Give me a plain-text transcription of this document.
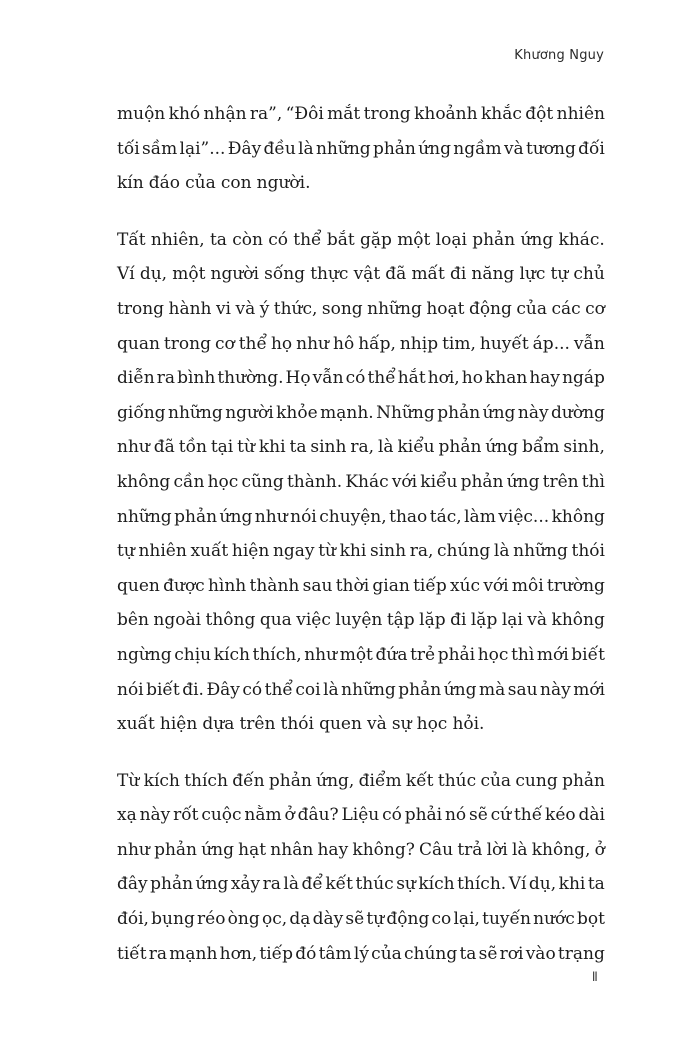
Khương Nguy
muộn khó nhận ra”, “Đôi mắt trong khoảnh khắc đột nhiên
tối sầm lại”... Đây đều là những phản ứng ngầm và tương đối
kín đáo của con người.
Tất nhiên, ta còn có thể bắt gặp một loại phản ứng khác.
Ví dụ, một người sống thực vật đã mất đi năng lực tự chủ
trong hành vi và ý thức, song những hoạt động của các cơ
quan trong cơ thể họ như hô hấp, nhịp tim, huyết áp... vẫn
diễn ra bình thường. Họ vẫn có thể hắt hơi, ho khan hay ngáp
giống những người khỏe mạnh. Những phản ứng này dường
như đã tồn tại từ khi ta sinh ra, là kiểu phản ứng bẩm sinh,
không cần học cũng thành. Khác với kiểu phản ứng trên thì
những phản ứng như nói chuyện, thao tác, làm việc... không
tự nhiên xuất hiện ngay từ khi sinh ra, chúng là những thói
quen được hình thành sau thời gian tiếp xúc với môi trường
bên ngoài thông qua việc luyện tập lặp đi lặp lại và không
ngừng chịu kích thích, như một đứa trẻ phải học thì mới biết
nói biết đi. Đây có thể coi là những phản ứng mà sau này mới
xuất hiện dựa trên thói quen và sự học hỏi.
Từ kích thích đến phản ứng, điểm kết thúc của cung phản
xạ này rốt cuộc nằm ở đâu? Liệu có phải nó sẽ cứ thế kéo dài
như phản ứng hạt nhân hay không? Câu trả lời là không, ở
đây phản ứng xảy ra là để kết thúc sự kích thích. Ví dụ, khi ta
đói, bụng réo òng ọc, dạ dày sẽ tự động co lại, tuyến nước bọt
tiết ra mạnh hơn, tiếp đó tâm lý của chúng ta sẽ rơi vào trạng
ll
